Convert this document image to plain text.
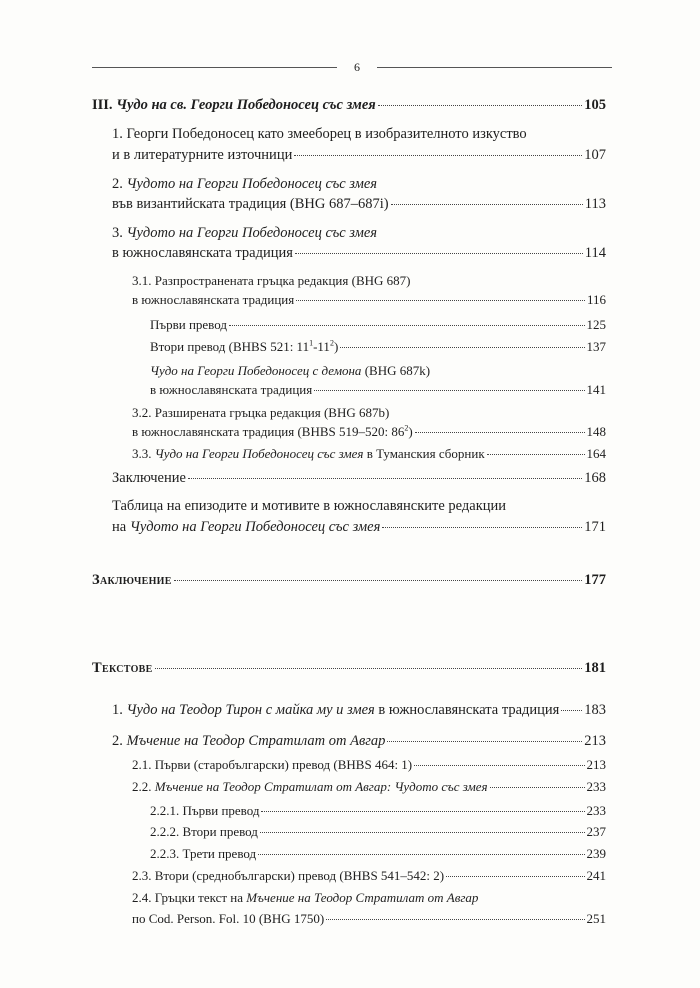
6
III. Чудо на св. Георги Победоносец със змея	105
1. Георги Победоносец като змееборец в изобразителното изкуство
и в литературните източници	107
2. Чудото на Георги Победоносец със змея
във византийската традиция (BHG 687–687i)	113
3. Чудото на Георги Победоносец със змея
в южнославянската традиция	114
3.1. Разпространената гръцка редакция (BHG 687)
в южнославянската традиция	116
Първи превод	125
Втори превод (BHBS 521: $11^1-11^2$)	137
Чудо на Георги Победоносец с демона (BHG 687k)
в южнославянската традиция	141
3.2. Разширената гръцка редакция (BHG 687b)
в южнославянската традиция (BHBS 519–520: $86^2$)	148
3.3. Чудо на Георги Победоносец със змея в Туманския сборник	164
Заключение	168
Таблица на епизодите и мотивите в южнославянските редакции
на Чудото на Георги Победоносец със змея	171
Заключение	177
Текстове	181
1. Чудо на Теодор Тирон с майка му и змея в южнославянската традиция 183
2. Мъчение на Теодор Стратилат от Авгар	213
2.1. Първи (старобългарски) превод (BHBS 464: 1)	213
2.2. Мъчение на Теодор Стратилат от Авгар: Чудото със змея	233
2.2.1. Първи превод	233
2.2.2. Втори превод	237
2.2.3. Трети превод	239
2.3. Втори (среднобългарски) превод (BHBS 541–542: 2)	241
2.4. Гръцки текст на Мъчение на Теодор Стратилат от Авгар
по Cod. Person. Fol. 10 (BHG 1750)	251
